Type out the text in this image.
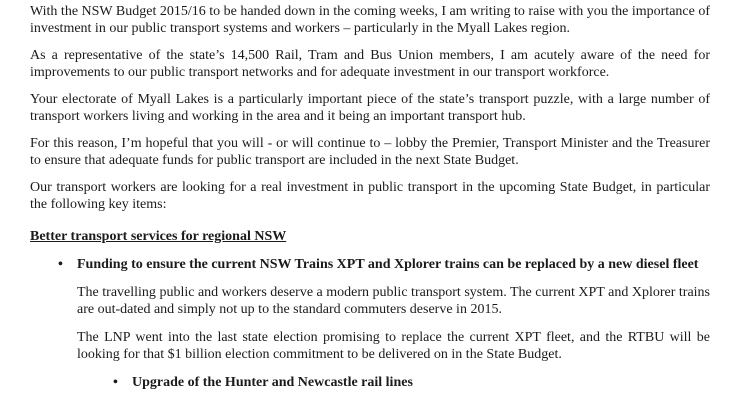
With the NSW Budget 2015/16 to be handed down in the coming weeks, I am writing to raise with you the importance of investment in our public transport systems and workers – particularly in the Myall Lakes region.

As a representative of the state’s 14,500 Rail, Tram and Bus Union members, I am acutely aware of the need for improvements to our public transport networks and for adequate investment in our transport workforce.

Your electorate of Myall Lakes is a particularly important piece of the state’s transport puzzle, with a large number of transport workers living and working in the area and it being an important transport hub.

For this reason, I’m hopeful that you will - or will continue to – lobby the Premier, Transport Minister and the Treasurer to ensure that adequate funds for public transport are included in the next State Budget.

Our transport workers are looking for a real investment in public transport in the upcoming State Budget, in particular the following key items:

Better transport services for regional NSW
•	Funding to ensure the current NSW Trains XPT and Xplorer trains can be replaced by a new diesel fleet

The travelling public and workers deserve a modern public transport system. The current XPT and Xplorer trains are out-dated and simply not up to the standard commuters deserve in 2015.

The LNP went into the last state election promising to replace the current XPT fleet, and the RTBU will be looking for that $1 billion election commitment to be delivered on in the State Budget.

•	Upgrade of the Hunter and Newcastle rail lines
